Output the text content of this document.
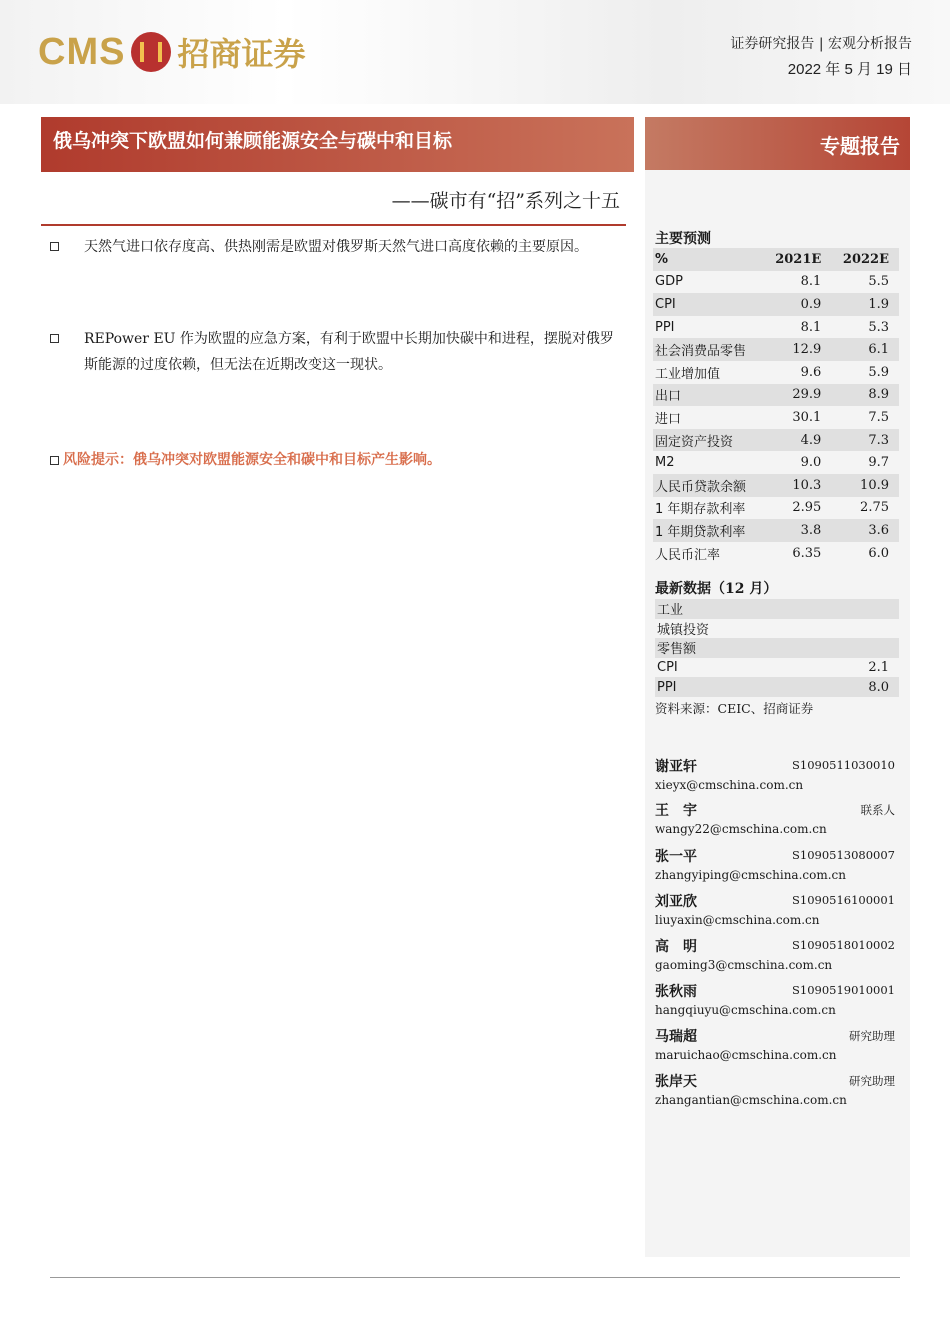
CMS 招商证券	证券研究报告 | 宏观分析报告
2022 年 5 月 19 日
俄乌冲突下欧盟如何兼顾能源安全与碳中和目标
——碳市有“招”系列之十五
天然气进口依存度高、供热刚需是欧盟对俄罗斯天然气进口高度依赖的主要原因。
REPower EU 作为欧盟的应急方案，有利于欧盟中长期加快碳中和进程，摆脱对俄罗斯能源的过度依赖，但无法在近期改变这一现状。
风险提示：俄乌冲突对欧盟能源安全和碳中和目标产生影响。
专题报告
主要预测
%	2021E	2022E
GDP	8.1	5.5
CPI	0.9	1.9
PPI	8.1	5.3
社会消费品零售	12.9	6.1
工业增加值	9.6	5.9
出口	29.9	8.9
进口	30.1	7.5
固定资产投资	4.9	7.3
M2	9.0	9.7
人民币贷款余额	10.3	10.9
1 年期存款利率	2.95	2.75
1 年期贷款利率	3.8	3.6
人民币汇率	6.35	6.0
最新数据（12 月）
工业	
城镇投资	
零售额	
CPI	2.1
PPI	8.0
资料来源：CEIC、招商证券
谢亚轩	S1090511030010
xieyx@cmschina.com.cn
王　宇	联系人
wangy22@cmschina.com.cn
张一平	S1090513080007
zhangyiping@cmschina.com.cn
刘亚欣	S1090516100001
liuyaxin@cmschina.com.cn
高　明	S1090518010002
gaoming3@cmschina.com.cn
张秋雨	S1090519010001
hangqiuyu@cmschina.com.cn
马瑞超	研究助理
maruichao@cmschina.com.cn
张岸天	研究助理
zhangantian@cmschina.com.cn
